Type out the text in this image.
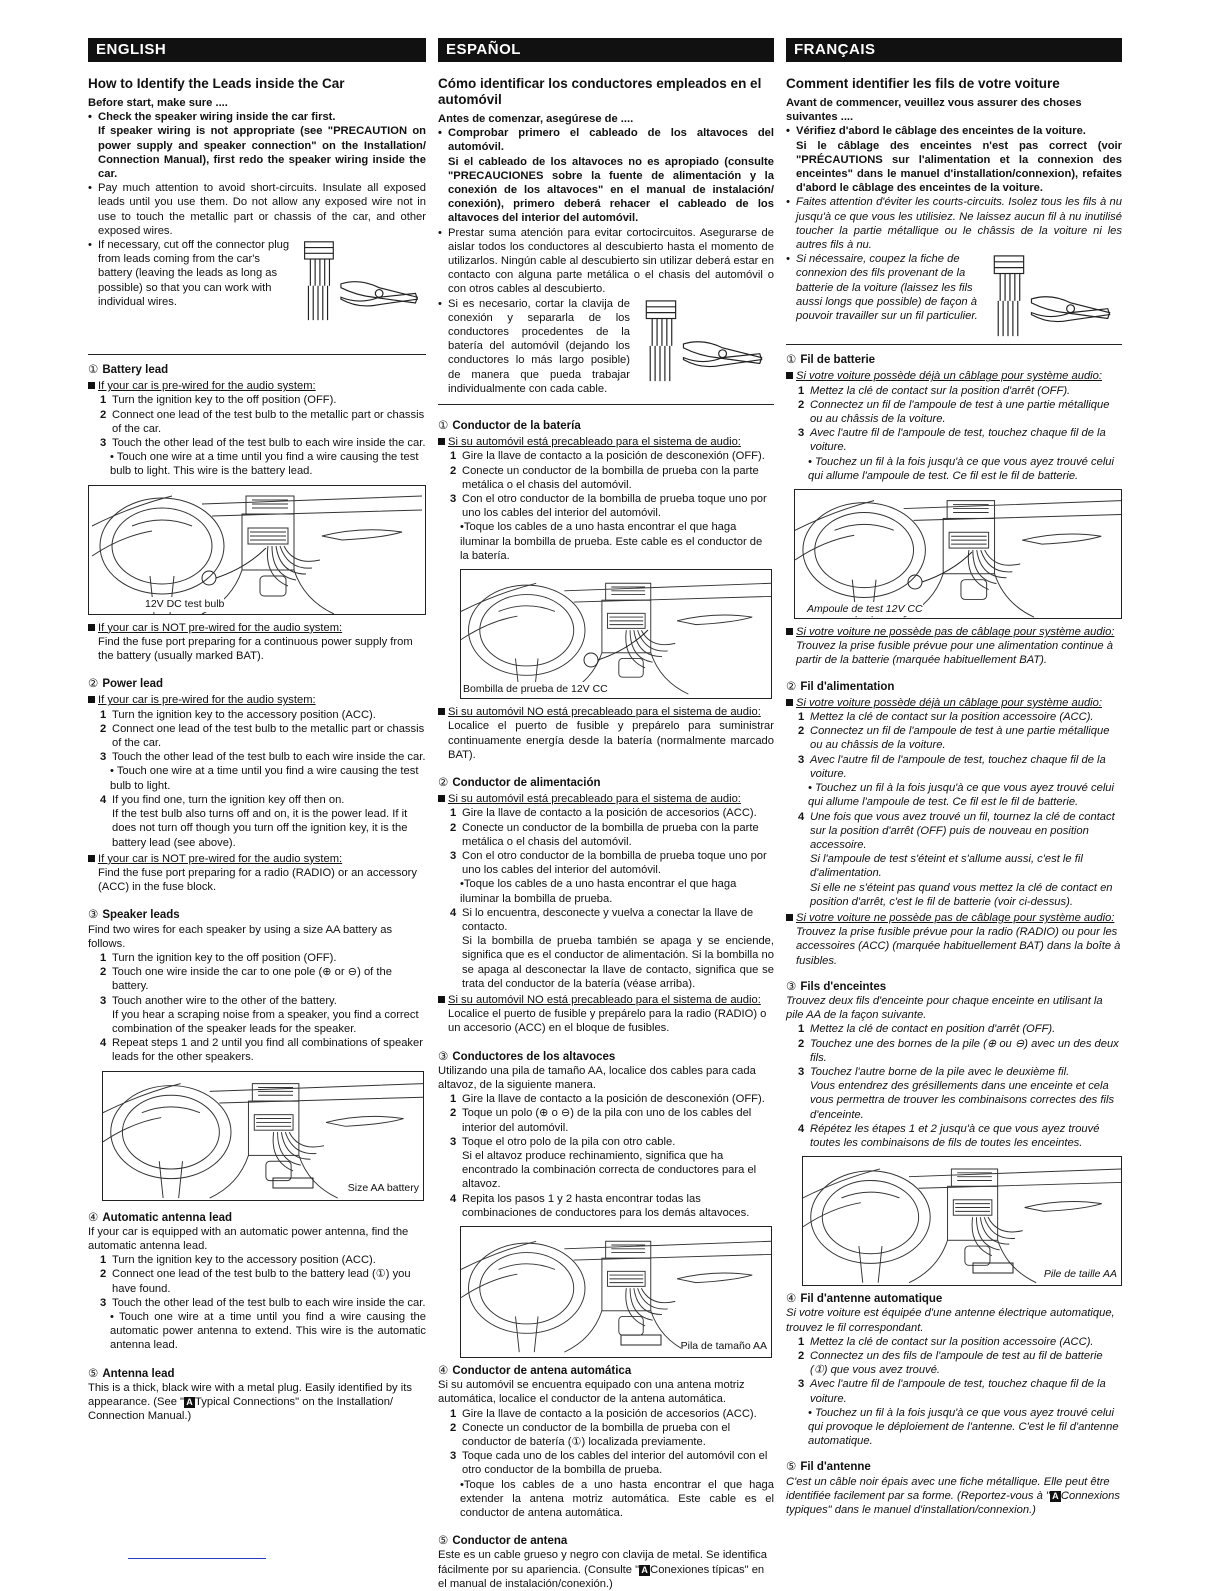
ENGLISH
How to Identify the Leads inside the Car

Before start, make sure ....

• Check the speaker wiring inside the car first.

If speaker wiring is not appropriate (see "PRECAUTION on power supply and speaker connection" on the Installation/ Connection Manual), first redo the speaker wiring inside the car.

• Pay much attention to avoid short-circuits. Insulate all exposed leads until you use them. Do not allow any exposed wire not in use to touch the metallic part or chassis of the car, and other exposed wires.
• If necessary, cut off the connector plug from leads coming from the car's battery (leaving the leads as long as possible) so that you can work with individual wires.
① Battery lead
If your car is pre-wired for the audio system:
1 Turn the ignition key to the off position (OFF).
2 Connect one lead of the test bulb to the metallic part or chassis of the car.
3 Touch the other lead of the test bulb to each wire inside the car.

• Touch one wire at a time until you find a wire causing the test bulb to light. This wire is the battery lead.

12V DC test bulb
If your car is NOT pre-wired for the audio system:

Find the fuse port preparing for a continuous power supply from the battery (usually marked BAT).

② Power lead
If your car is pre-wired for the audio system:
1 Turn the ignition key to the accessory position (ACC).
2 Connect one lead of the test bulb to the metallic part or chassis of the car.
3 Touch the other lead of the test bulb to each wire inside the car.

• Touch one wire at a time until you find a wire causing the test bulb to light.

4 If you find one, turn the ignition key off then on.

If the test bulb also turns off and on, it is the power lead. If it does not turn off though you turn off the ignition key, it is the battery lead (see above).

If your car is NOT pre-wired for the audio system:

Find the fuse port preparing for a radio (RADIO) or an accessory (ACC) in the fuse block.

③ Speaker leads

Find two wires for each speaker by using a size AA battery as follows.

1 Turn the ignition key to the off position (OFF).
2 Touch one wire inside the car to one pole (⊕ or ⊖) of the battery.
3 Touch another wire to the other of the battery.
If you hear a scraping noise from a speaker, you find a correct combination of the speaker leads for the speaker.
4 Repeat steps 1 and 2 until you find all combinations of speaker leads for the other speakers.
Size AA battery
④ Automatic antenna lead

If your car is equipped with an automatic power antenna, find the automatic antenna lead.

1 Turn the ignition key to the accessory position (ACC).
2 Connect one lead of the test bulb to the battery lead (①) you have found.
3 Touch the other lead of the test bulb to each wire inside the car.

• Touch one wire at a time until you find a wire causing the automatic power antenna to extend. This wire is the automatic antenna lead.

⑤ Antenna lead

This is a thick, black wire with a metal plug. Easily identified by its appearance. (See " A Typical Connections" on the Installation/ Connection Manual.)

ESPAÑOL
Cómo identificar los conductores empleados en el automóvil

Antes de comenzar, asegúrese de ....

• Comprobar primero el cableado de los altavoces del automóvil.

Si el cableado de los altavoces no es apropiado (consulte "PRECAUCIONES sobre la fuente de alimentación y la conexión de los altavoces" en el manual de instalación/ conexión), primero deberá rehacer el cableado de los altavoces del interior del automóvil.

• Prestar suma atención para evitar cortocircuitos. Asegurarse de aislar todos los conductores al descubierto hasta el momento de utilizarlos. Ningún cable al descubierto sin utilizar deberá estar en contacto con alguna parte metálica o el chasis del automóvil o con otros cables al descubierto.
• Si es necesario, cortar la clavija de conexión y separarla de los conductores procedentes de la batería del automóvil (dejando los conductores lo más largo posible) de manera que pueda trabajar individualmente con cada cable.
① Conductor de la batería
Si su automóvil está precableado para el sistema de audio:
1 Gire la llave de contacto a la posición de desconexión (OFF).
2 Conecte un conductor de la bombilla de prueba con la parte metálica o el chasis del automóvil.
3 Con el otro conductor de la bombilla de prueba toque uno por uno los cables del interior del automóvil.

•Toque los cables de a uno hasta encontrar el que haga iluminar la bombilla de prueba. Este cable es el conductor de la batería.

Bombilla de prueba de 12V CC
Si su automóvil NO está precableado para el sistema de audio:

Localice el puerto de fusible y prepárelo para suministrar continuamente energía desde la batería (normalmente marcado BAT).

② Conductor de alimentación
Si su automóvil está precableado para el sistema de audio:
1 Gire la llave de contacto a la posición de accesorios (ACC).
2 Conecte un conductor de la bombilla de prueba con la parte metálica o el chasis del automóvil.
3 Con el otro conductor de la bombilla de prueba toque uno por uno los cables del interior del automóvil.

•Toque los cables de a uno hasta encontrar el que haga iluminar la bombilla de prueba.

4 Si lo encuentra, desconecte y vuelva a conectar la llave de contacto.

Si la bombilla de prueba también se apaga y se enciende, significa que es el conductor de alimentación. Si la bombilla no se apaga al desconectar la llave de contacto, significa que se trata del conductor de la batería (véase arriba).

Si su automóvil NO está precableado para el sistema de audio:

Localice el puerto de fusible y prepárelo para la radio (RADIO) o un accesorio (ACC) en el bloque de fusibles.

③ Conductores de los altavoces

Utilizando una pila de tamaño AA, localice dos cables para cada altavoz, de la siguiente manera.

1 Gire la llave de contacto a la posición de desconexión (OFF).
2 Toque un polo (⊕ o ⊖) de la pila con uno de los cables del interior del automóvil.
3 Toque el otro polo de la pila con otro cable.
Si el altavoz produce rechinamiento, significa que ha encontrado la combinación correcta de conductores para el altavoz.
4 Repita los pasos 1 y 2 hasta encontrar todas las combinaciones de conductores para los demás altavoces.
Pila de tamaño AA
④ Conductor de antena automática

Si su automóvil se encuentra equipado con una antena motriz automática, localice el conductor de la antena automática.

1 Gire la llave de contacto a la posición de accesorios (ACC).
2 Conecte un conductor de la bombilla de prueba con el conductor de batería (①) localizada previamente.
3 Toque cada uno de los cables del interior del automóvil con el otro conductor de la bombilla de prueba.

•Toque los cables de a uno hasta encontrar el que haga extender la antena motriz automática. Este cable es el conductor de antena automática.

⑤ Conductor de antena

Este es un cable grueso y negro con clavija de metal. Se identifica fácilmente por su apariencia. (Consulte " A Conexiones típicas" en el manual de instalación/conexión.)

FRANÇAIS
Comment identifier les fils de votre voiture

Avant de commencer, veuillez vous assurer des choses suivantes ....

• Vérifiez d'abord le câblage des enceintes de la voiture.

Si le câblage des enceintes n'est pas correct (voir "PRÉCAUTIONS sur l'alimentation et la connexion des enceintes" dans le manuel d'installation/connexion), refaites d'abord le câblage des enceintes de la voiture.

• Faites attention d'éviter les courts-circuits. Isolez tous les fils à nu jusqu'à ce que vous les utilisiez. Ne laissez aucun fil à nu inutilisé toucher la partie métallique ou le châssis de la voiture ni les autres fils à nu.
• Si nécessaire, coupez la fiche de connexion des fils provenant de la batterie de la voiture (laissez les fils aussi longs que possible) de façon à pouvoir travailler sur un fil particulier.
① Fil de batterie
Si votre voiture possède déjà un câblage pour système audio:
1 Mettez la clé de contact sur la position d'arrêt (OFF).
2 Connectez un fil de l'ampoule de test à une partie métallique ou au châssis de la voiture.
3 Avec l'autre fil de l'ampoule de test, touchez chaque fil de la voiture.

• Touchez un fil à la fois jusqu'à ce que vous ayez trouvé celui qui allume l'ampoule de test. Ce fil est le fil de batterie.

Ampoule de test 12V CC
Si votre voiture ne possède pas de câblage pour système audio:

Trouvez la prise fusible prévue pour une alimentation continue à partir de la batterie (marquée habituellement BAT).

② Fil d'alimentation
Si votre voiture possède déjà un câblage pour système audio:
1 Mettez la clé de contact sur la position accessoire (ACC).
2 Connectez un fil de l'ampoule de test à une partie métallique ou au châssis de la voiture.
3 Avec l'autre fil de l'ampoule de test, touchez chaque fil de la voiture.

• Touchez un fil à la fois jusqu'à ce que vous ayez trouvé celui qui allume l'ampoule de test. Ce fil est le fil de batterie.

4 Une fois que vous avez trouvé un fil, tournez la clé de contact sur la position d'arrêt (OFF) puis de nouveau en position accessoire.
Si l'ampoule de test s'éteint et s'allume aussi, c'est le fil d'alimentation.
Si elle ne s'éteint pas quand vous mettez la clé de contact en position d'arrêt, c'est le fil de batterie (voir ci-dessus).
Si votre voiture ne possède pas de câblage pour système audio:

Trouvez la prise fusible prévue pour la radio (RADIO) ou pour les accessoires (ACC) (marquée habituellement BAT) dans la boîte à fusibles.

③ Fils d'enceintes

Trouvez deux fils d'enceinte pour chaque enceinte en utilisant la pile AA de la façon suivante.

1 Mettez la clé de contact en position d'arrêt (OFF).
2 Touchez une des bornes de la pile (⊕ ou ⊖) avec un des deux fils.
3 Touchez l'autre borne de la pile avec le deuxième fil.
Vous entendrez des grésillements dans une enceinte et cela vous permettra de trouver les combinaisons correctes des fils d'enceinte.
4 Répétez les étapes 1 et 2 jusqu'à ce que vous ayez trouvé toutes les combinaisons de fils de toutes les enceintes.
Pile de taille AA
④ Fil d'antenne automatique

Si votre voiture est équipée d'une antenne électrique automatique, trouvez le fil correspondant.

1 Mettez la clé de contact sur la position accessoire (ACC).
2 Connectez un des fils de l'ampoule de test au fil de batterie (①) que vous avez trouvé.
3 Avec l'autre fil de l'ampoule de test, touchez chaque fil de la voiture.

• Touchez un fil à la fois jusqu'à ce que vous ayez trouvé celui qui provoque le déploiement de l'antenne. C'est le fil d'antenne automatique.

⑤ Fil d'antenne

C'est un câble noir épais avec une fiche métallique. Elle peut être identifiée facilement par sa forme. (Reportez-vous à " A Connexions typiques" dans le manuel d'installation/connexion.)
